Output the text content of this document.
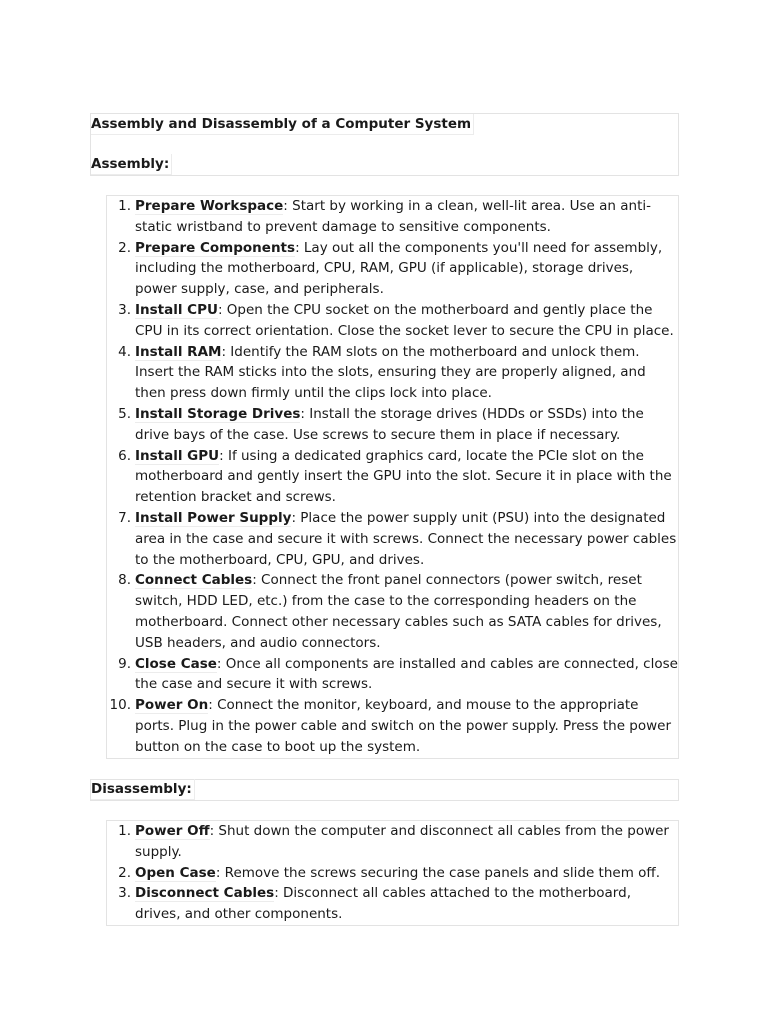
Assembly and Disassembly of a Computer System
Assembly:
1. Prepare Workspace: Start by working in a clean, well-lit area. Use an anti-static wristband to prevent damage to sensitive components.
2. Prepare Components: Lay out all the components you'll need for assembly, including the motherboard, CPU, RAM, GPU (if applicable), storage drives, power supply, case, and peripherals.
3. Install CPU: Open the CPU socket on the motherboard and gently place the CPU in its correct orientation. Close the socket lever to secure the CPU in place.
4. Install RAM: Identify the RAM slots on the motherboard and unlock them. Insert the RAM sticks into the slots, ensuring they are properly aligned, and then press down firmly until the clips lock into place.
5. Install Storage Drives: Install the storage drives (HDDs or SSDs) into the drive bays of the case. Use screws to secure them in place if necessary.
6. Install GPU: If using a dedicated graphics card, locate the PCIe slot on the motherboard and gently insert the GPU into the slot. Secure it in place with the retention bracket and screws.
7. Install Power Supply: Place the power supply unit (PSU) into the designated area in the case and secure it with screws. Connect the necessary power cables to the motherboard, CPU, GPU, and drives.
8. Connect Cables: Connect the front panel connectors (power switch, reset switch, HDD LED, etc.) from the case to the corresponding headers on the motherboard. Connect other necessary cables such as SATA cables for drives, USB headers, and audio connectors.
9. Close Case: Once all components are installed and cables are connected, close the case and secure it with screws.
10. Power On: Connect the monitor, keyboard, and mouse to the appropriate ports. Plug in the power cable and switch on the power supply. Press the power button on the case to boot up the system.
Disassembly:
1. Power Off: Shut down the computer and disconnect all cables from the power supply.
2. Open Case: Remove the screws securing the case panels and slide them off.
3. Disconnect Cables: Disconnect all cables attached to the motherboard, drives, and other components.
